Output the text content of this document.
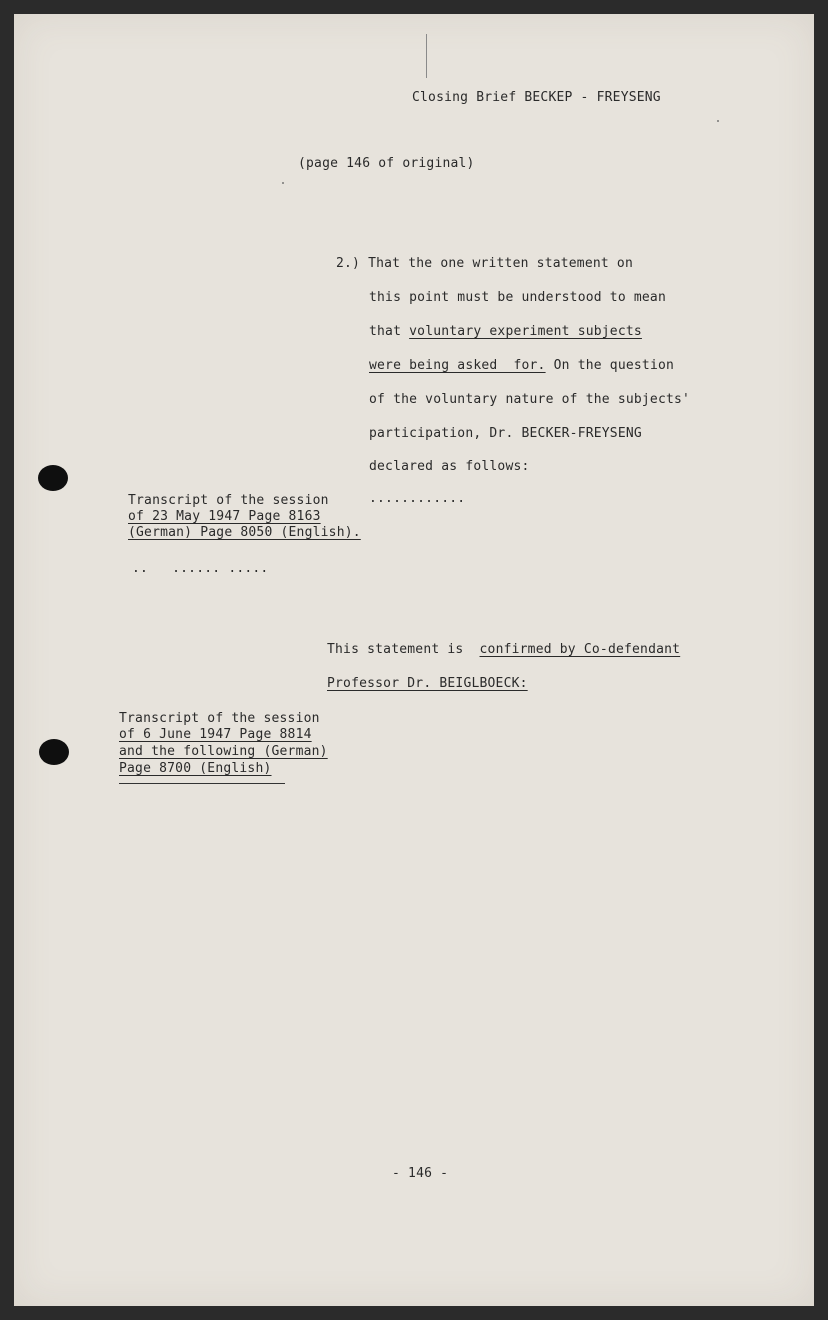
Closing Brief BECKEP - FREYSENG
(page 146 of original)
2.) That the one written statement on
this point must be understood to mean
that voluntary experiment subjects
were being asked  for. On the question
of the voluntary nature of the subjects'
participation, Dr. BECKER-FREYSENG
declared as follows:
............
Transcript of the session
of 23 May 1947 Page 8163
(German) Page 8050 (English).
..   ...... .....
This statement is  confirmed by Co-defendant
Professor Dr. BEIGLBOECK:
Transcript of the session
of 6 June 1947 Page 8814
and the following (German)
Page 8700 (English)
- 146 -
